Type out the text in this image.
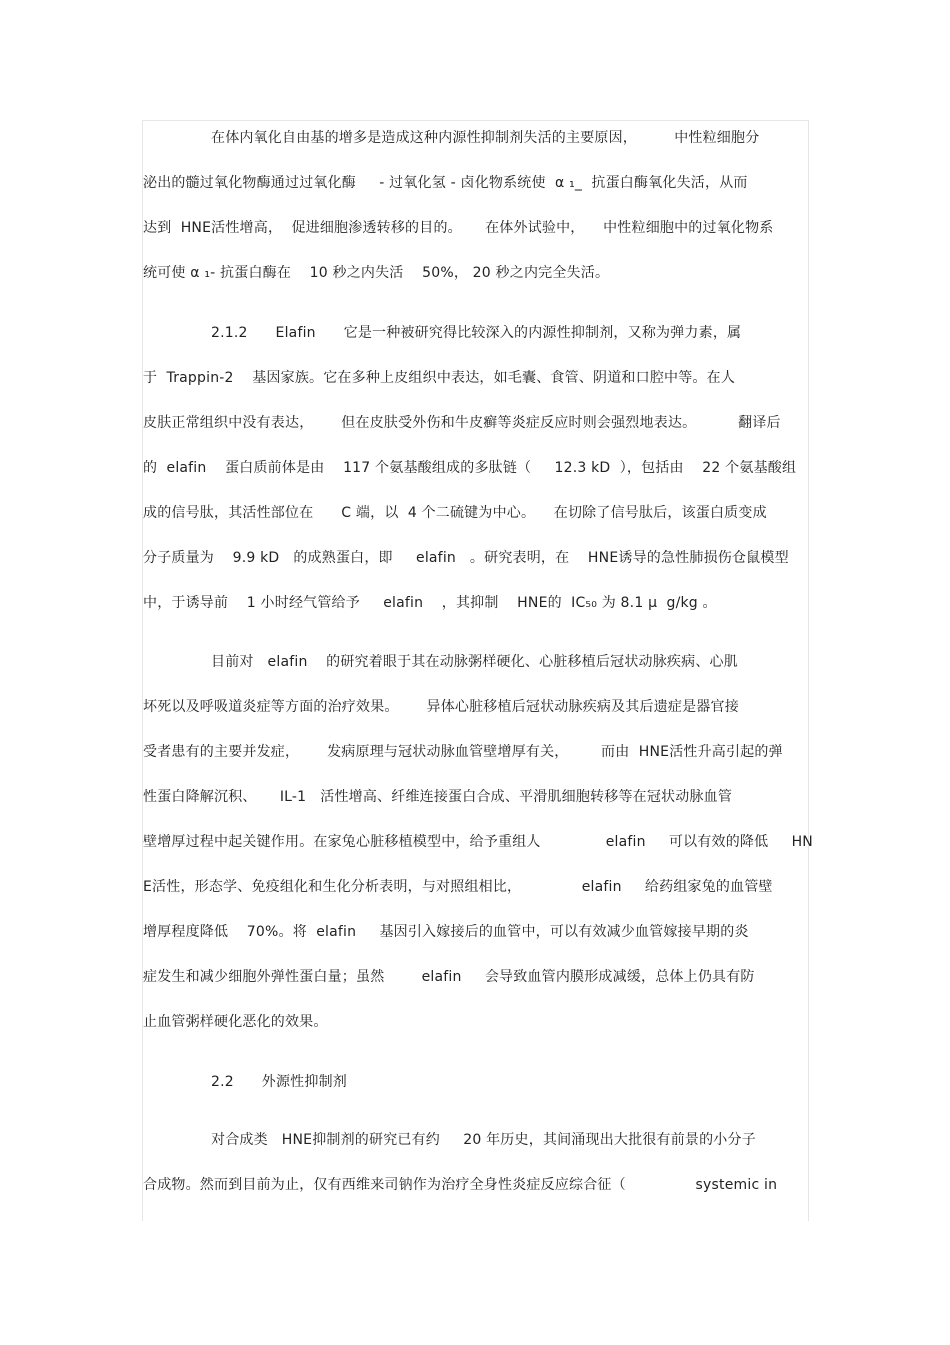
在体内氧化自由基的增多是造成这种内源性抑制剂失活的主要原因，        中性粒细胞分
泌出的髓过氧化物酶通过过氧化酶     - 过氧化氢 - 卤化物系统使  α ₁_  抗蛋白酶氧化失活，从而
达到  HNE活性增高，  促进细胞渗透转移的目的。     在体外试验中，    中性粒细胞中的过氧化物系
统可使 α ₁- 抗蛋白酶在    10 秒之内失活    50%， 20 秒之内完全失活。
2.1.2      Elafin      它是一种被研究得比较深入的内源性抑制剂，又称为弹力素，属
于  Trappin-2    基因家族。它在多种上皮组织中表达，如毛囊、食管、阴道和口腔中等。在人
皮肤正常组织中没有表达，      但在皮肤受外伤和牛皮癣等炎症反应时则会强烈地表达。         翻译后
的  elafin    蛋白质前体是由    117 个氨基酸组成的多肽链（     12.3 kD  ），包括由    22 个氨基酸组
成的信号肽，其活性部位在      C 端，以  4 个二硫键为中心。    在切除了信号肽后，该蛋白质变成
分子质量为    9.9 kD   的成熟蛋白，即     elafin   。研究表明，在    HNE诱导的急性肺损伤仓鼠模型
中，于诱导前    1 小时经气管给予     elafin    ，其抑制    HNE的  IC₅₀ 为 8.1 μ  g/kg 。
目前对   elafin    的研究着眼于其在动脉粥样硬化、心脏移植后冠状动脉疾病、心肌
坏死以及呼吸道炎症等方面的治疗效果。      异体心脏移植后冠状动脉疾病及其后遗症是器官接
受者患有的主要并发症，      发病原理与冠状动脉血管壁增厚有关，       而由  HNE活性升高引起的弹
性蛋白降解沉积、     IL-1   活性增高、纤维连接蛋白合成、平滑肌细胞转移等在冠状动脉血管
壁增厚过程中起关键作用。在家兔心脏移植模型中，给予重组人              elafin     可以有效的降低     HN
E活性，形态学、免疫组化和生化分析表明，与对照组相比，             elafin     给药组家兔的血管壁
增厚程度降低    70%。将  elafin     基因引入嫁接后的血管中，可以有效减少血管嫁接早期的炎
症发生和减少细胞外弹性蛋白量；虽然        elafin     会导致血管内膜形成减缓，总体上仍具有防
止血管粥样硬化恶化的效果。
2.2      外源性抑制剂
对合成类   HNE抑制剂的研究已有约     20 年历史，其间涌现出大批很有前景的小分子
合成物。然而到目前为止，仅有西维来司钠作为治疗全身性炎症反应综合征（               systemic in
